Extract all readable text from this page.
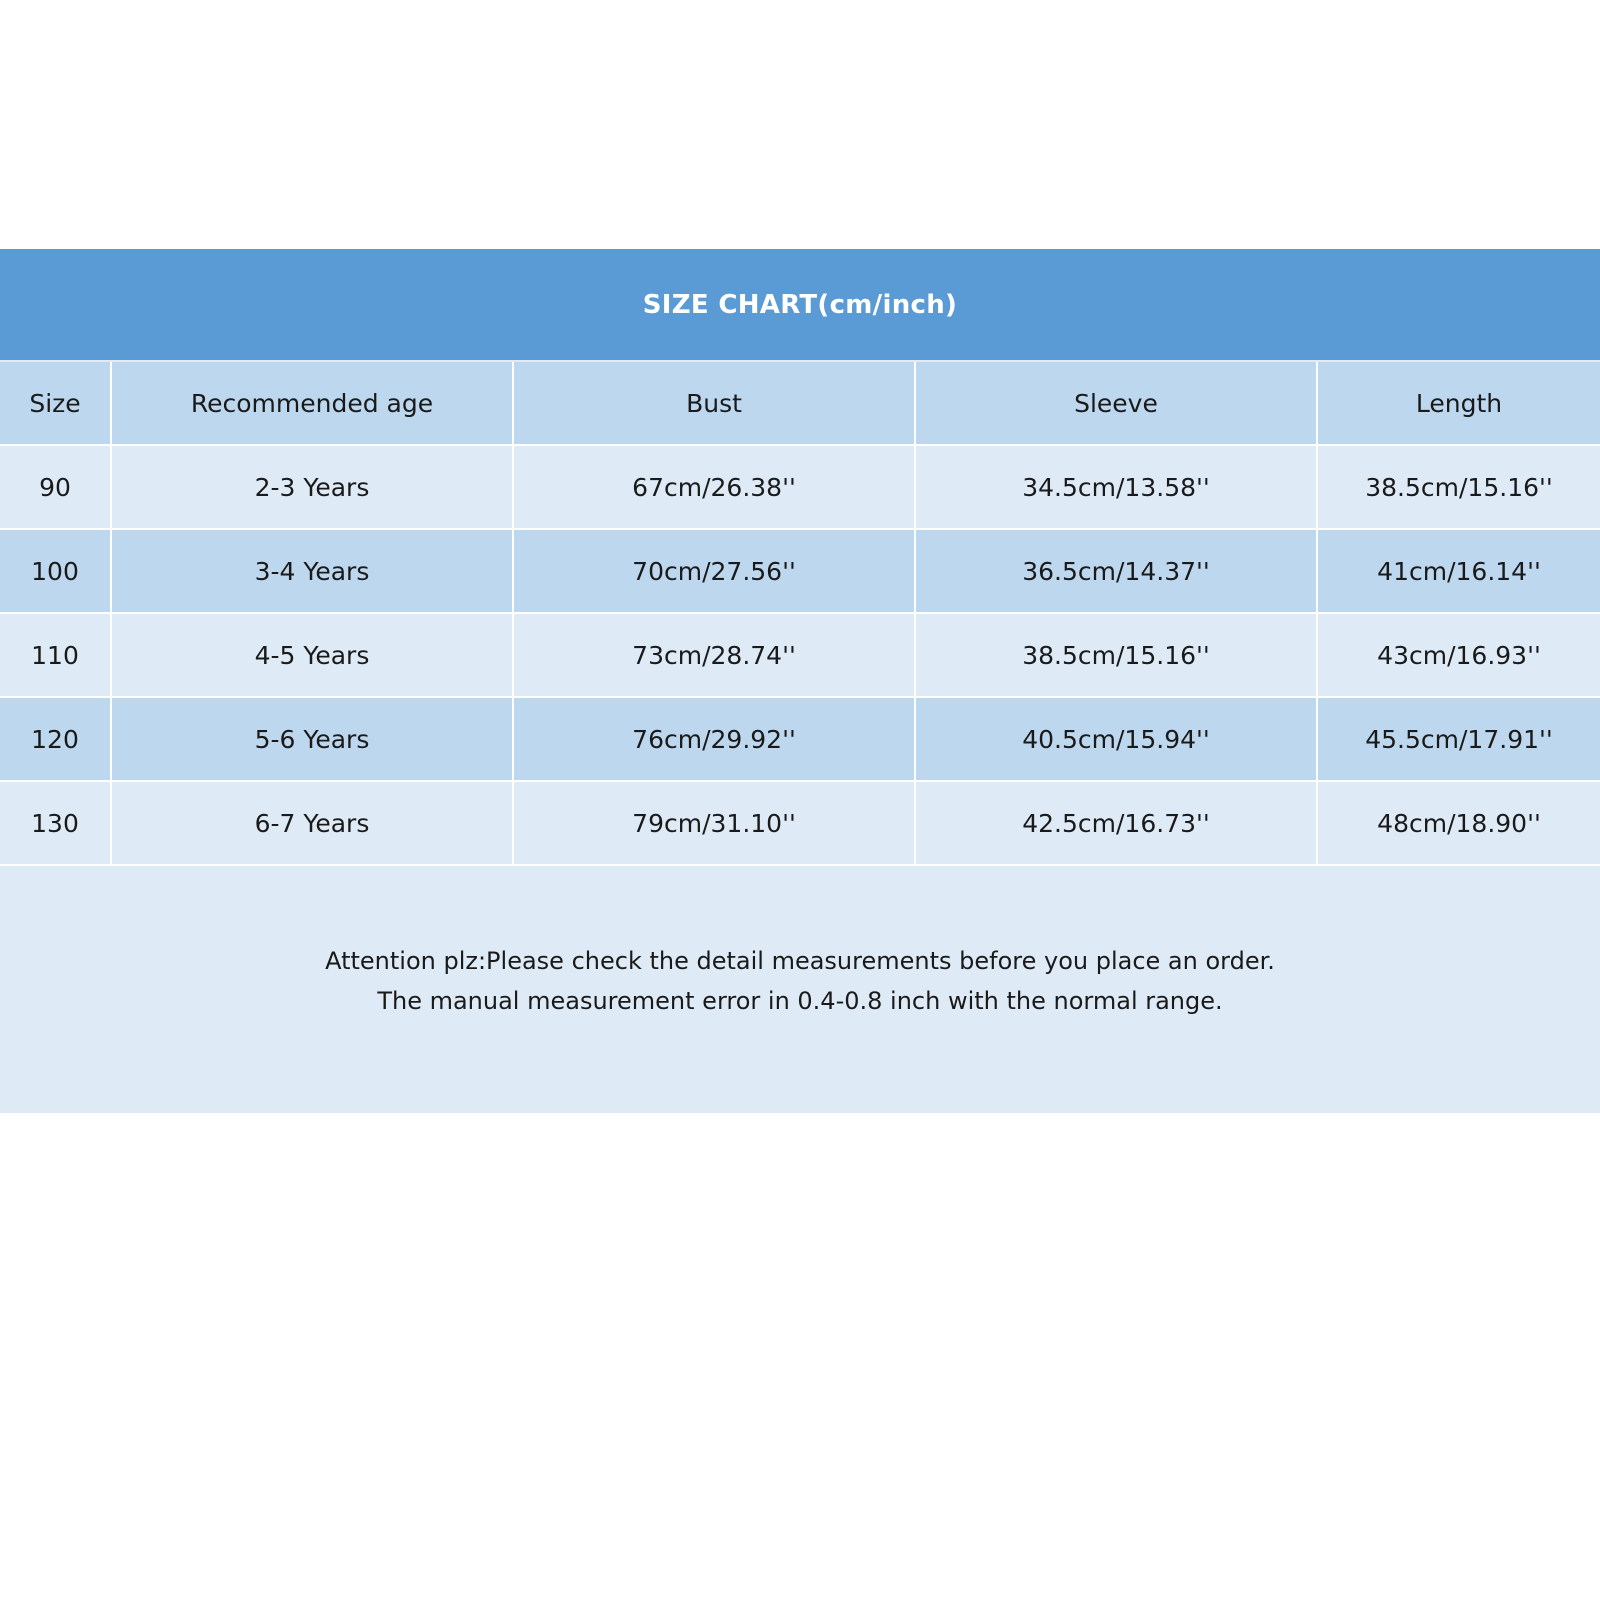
SIZE CHART(cm/inch)
Size	Recommended age	Bust	Sleeve	Length
90	2-3 Years	67cm/26.38''	34.5cm/13.58''	38.5cm/15.16''
100	3-4 Years	70cm/27.56''	36.5cm/14.37''	41cm/16.14''
110	4-5 Years	73cm/28.74''	38.5cm/15.16''	43cm/16.93''
120	5-6 Years	76cm/29.92''	40.5cm/15.94''	45.5cm/17.91''
130	6-7 Years	79cm/31.10''	42.5cm/16.73''	48cm/18.90''
Attention plz:Please check the detail measurements before you place an order.
The manual measurement error in 0.4-0.8 inch with the normal range.
